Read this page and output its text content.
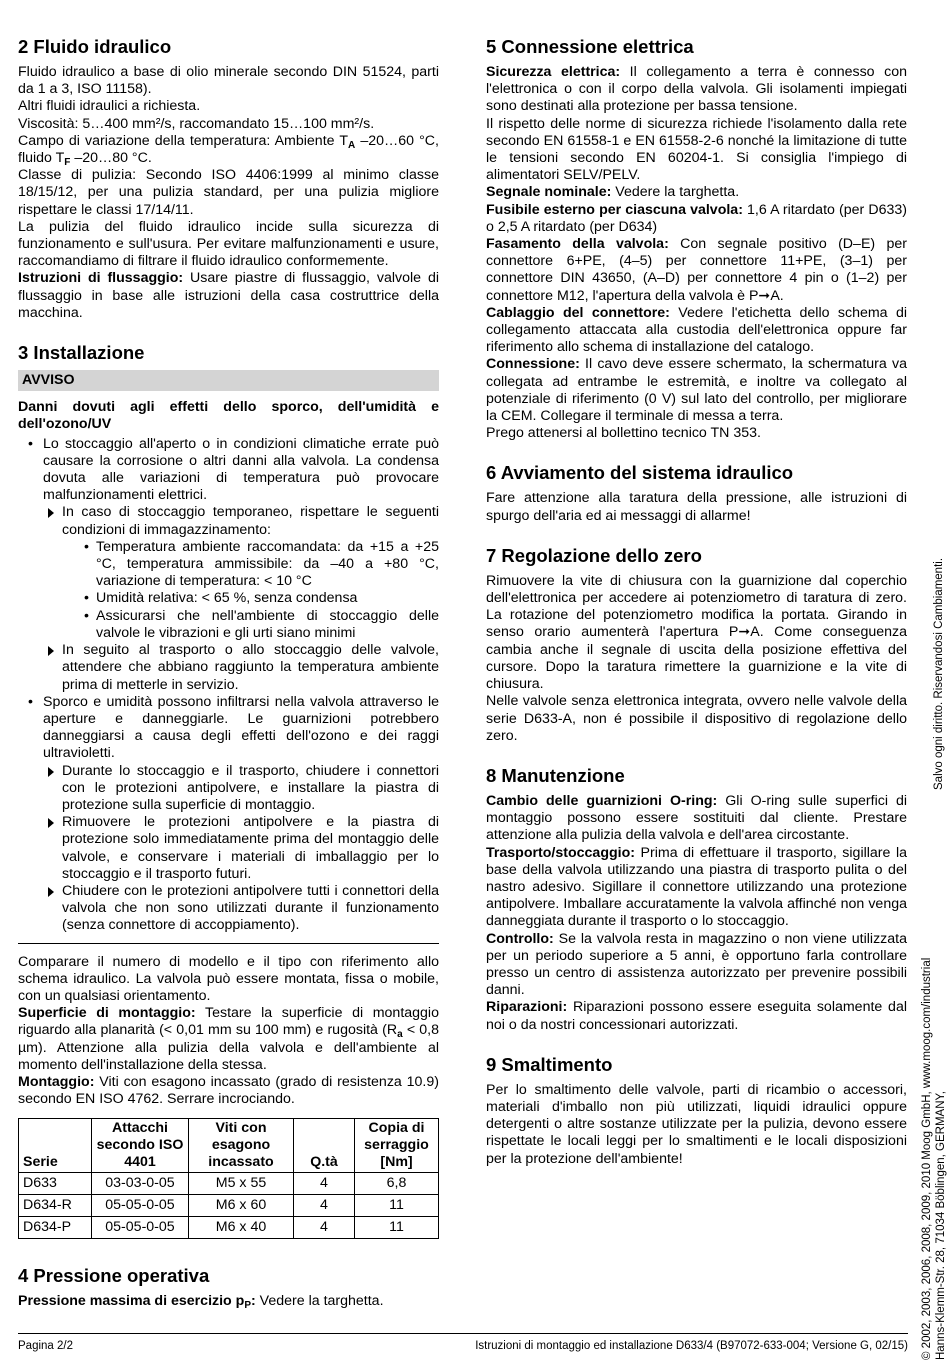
2 Fluido idraulico

Fluido idraulico a base di olio minerale secondo DIN 51524, parti da 1 a 3, ISO 11158).

Altri fluidi idraulici a richiesta.

Viscosità: 5…400 mm²/s, raccomandato 15…100 mm²/s.

Campo di variazione della temperatura: Ambiente $T_A$ –20…60 °C, fluido $T_F$ –20…80 °C.

Classe di pulizia: Secondo ISO 4406:1999 al minimo classe 18/15/12, per una pulizia standard, per una pulizia migliore rispettare le classi 17/14/11.

La pulizia del fluido idraulico incide sulla sicurezza di funzionamento e sull'usura. Per evitare malfunzionamenti e usure, raccomandiamo di filtrare il fluido idraulico conformemente.

Istruzioni di flussaggio: Usare piastre di flussaggio, valvole di flussaggio in base alle istruzioni della casa costruttrice della macchina.

3 Installazione
AVVISO
Danni dovuti agli effetti dello sporco, dell'umidità e dell'ozono/UV
• Lo stoccaggio all'aperto o in condizioni climatiche errate può causare la corrosione o altri danni alla valvola. La condensa dovuta alle variazioni di temperatura può provocare malfunzionamenti elettrici.
In caso di stoccaggio temporaneo, rispettare le seguenti condizioni di immagazzinamento:
• Temperatura ambiente raccomandata: da +15 a +25 °C, temperatura ammissibile: da –40 a +80 °C, variazione di temperatura: < 10 °C
• Umidità relativa: < 65 %, senza condensa
• Assicurarsi che nell'ambiente di stoccaggio delle valvole le vibrazioni e gli urti siano minimi
In seguito al trasporto o allo stoccaggio delle valvole, attendere che abbiano raggiunto la temperatura ambiente prima di metterle in servizio.
• Sporco e umidità possono infiltrarsi nella valvola attraverso le aperture e danneggiarle. Le guarnizioni potrebbero danneggiarsi a causa degli effetti dell'ozono e dei raggi ultravioletti.
Durante lo stoccaggio e il trasporto, chiudere i connettori con le protezioni antipolvere, e installare la piastra di protezione sulla superficie di montaggio.
Rimuovere le protezioni antipolvere e la piastra di protezione solo immediatamente prima del montaggio delle valvole, e conservare i materiali di imballaggio per lo stoccaggio e il trasporto futuri.
Chiudere con le protezioni antipolvere tutti i connettori della valvola che non sono utilizzati durante il funzionamento (senza connettore di accoppiamento).

Comparare il numero di modello e il tipo con riferimento allo schema idraulico. La valvola può essere montata, fissa o mobile, con un qualsiasi orientamento.

Superficie di montaggio: Testare la superficie di montaggio riguardo alla planarità (< 0,01 mm su 100 mm) e rugosità ($R_a < 0,8$ µm). Attenzione alla pulizia della valvola e dell'ambiente al momento dell'installazione della stessa.

Montaggio: Viti con esagono incassato (grado di resistenza 10.9) secondo EN ISO 4762. Serrare incrociando.

Serie	Attacchi secondo ISO 4401	Viti con esagono incassato	Q.tà	Copia di serraggio [Nm]
D633	03-03-0-05	M5 x 55	4	6,8
D634-R	05-05-0-05	M6 x 60	4	11
D634-P	05-05-0-05	M6 x 40	4	11
4 Pressione operativa

Pressione massima di esercizio $p_P$: Vedere la targhetta.

5 Connessione elettrica

Sicurezza elettrica: Il collegamento a terra è connesso con l'elettronica o con il corpo della valvola. Gli isolamenti impiegati sono destinati alla protezione per bassa tensione.

Il rispetto delle norme di sicurezza richiede l'isolamento dalla rete secondo EN 61558-1 e EN 61558-2-6 nonché la limitazione di tutte le tensioni secondo EN 60204-1. Si consiglia l'impiego di alimentatori SELV/PELV.

Segnale nominale: Vedere la targhetta.

Fusibile esterno per ciascuna valvola: 1,6 A ritardato (per D633) o 2,5 A ritardato (per D634)

Fasamento della valvola: Con segnale positivo (D–E) per connettore 6+PE, (4–5) per connettore 11+PE, (3–1) per connettore DIN 43650, (A–D) per connettore 4 pin o (1–2) per connettore M12, l'apertura della valvola è P➞A.

Cablaggio del connettore: Vedere l'etichetta dello schema di collegamento attaccata alla custodia dell'elettronica oppure far riferimento allo schema di installazione del catalogo.

Connessione: Il cavo deve essere schermato, la schermatura va collegata ad entrambe le estremità, e inoltre va collegato al potenziale di riferimento (0 V) sul lato del controllo, per migliorare la CEM. Collegare il terminale di messa a terra.

Prego attenersi al bollettino tecnico TN 353.

6 Avviamento del sistema idraulico

Fare attenzione alla taratura della pressione, alle istruzioni di spurgo dell'aria ed ai messaggi di allarme!

7 Regolazione dello zero

Rimuovere la vite di chiusura con la guarnizione dal coperchio dell'elettronica per accedere ai potenziometro di taratura di zero. La rotazione del potenziometro modifica la portata. Girando in senso orario aumenterà l'apertura P➞A. Come conseguenza cambia anche il segnale di uscita della posizione effettiva del cursore. Dopo la taratura rimettere la guarnizione e la vite di chiusura.

Nelle valvole senza elettronica integrata, ovvero nelle valvole della serie D633-A, non é possibile il dispositivo di regolazione dello zero.

8 Manutenzione

Cambio delle guarnizioni O-ring: Gli O-ring sulle superfici di montaggio possono essere sostituiti dal cliente. Prestare attenzione alla pulizia della valvola e dell'area circostante.

Trasporto/stoccaggio: Prima di effettuare il trasporto, sigillare la base della valvola utilizzando una piastra di trasporto pulita o del nastro adesivo. Sigillare il connettore utilizzando una protezione antipolvere. Imballare accuratamente la valvola affinché non venga danneggiata durante il trasporto o lo stoccaggio.

Controllo: Se la valvola resta in magazzino o non viene utilizzata per un periodo superiore a 5 anni, è opportuno farla controllare presso un centro di assistenza autorizzato per prevenire possibili danni.

Riparazioni: Riparazioni possono essere eseguita solamente dal noi o da nostri concessionari autorizzati.

9 Smaltimento

Per lo smaltimento delle valvole, parti di ricambio o accessori, materiali d'imballo non più utilizzati, liquidi idraulici oppure detergenti o altre sostanze utilizzate per la pulizia, devono essere rispettate le locali leggi per lo smaltimenti e le locali disposizioni per la protezione dell'ambiente!

Salvo ogni diritto. Riservandosi Cambiamenti.
© 2002, 2003, 2006, 2008, 2009, 2010 Moog GmbH, www.moog.com/industrial Hanns-Klemm-Str. 28, 71034 Böblingen, GERMANY,
Pagina 2/2	Istruzioni di montaggio ed installazione D633/4 (B97072-633-004; Versione G, 02/15)
